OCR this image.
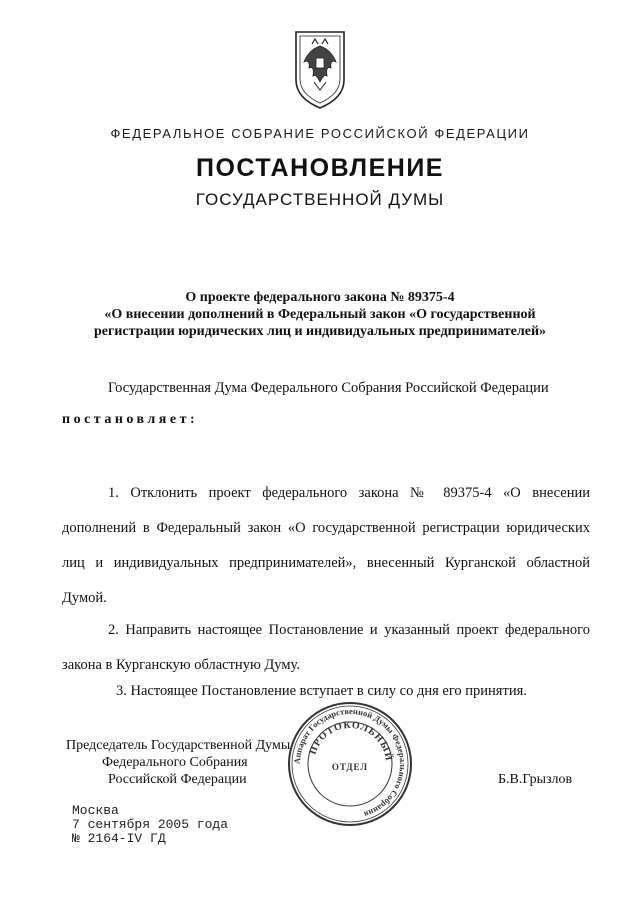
ФЕДЕРАЛЬНОЕ СОБРАНИЕ РОССИЙСКОЙ ФЕДЕРАЦИИ
ПОСТАНОВЛЕНИЕ
ГОСУДАРСТВЕННОЙ ДУМЫ
О проекте федерального закона № 89375-4
«О внесении дополнений в Федеральный закон «О государственной
регистрации юридических лиц и индивидуальных предпринимателей»
Государственная Дума Федерального Собрания Российской Федерации
постановляет:
1. Отклонить проект федерального закона № 89375-4 «О внесении дополнений в Федеральный закон «О государственной регистрации юридических лиц и индивидуальных предпринимателей», внесенный Курганской областной Думой.
2. Направить настоящее Постановление и указанный проект федерального закона в Курганскую областную Думу.
3. Настоящее Постановление вступает в силу со дня его принятия.
Председатель Государственной Думы
Федерального Собрания
Российской Федерации	Б.В.Грызлов
Аппарат Государственной Думы Федерального Собрания
ПРОТОКОЛЬНЫЙ
ОТДЕЛ
Москва
7 сентября 2005 года
№ 2164-IV ГД
